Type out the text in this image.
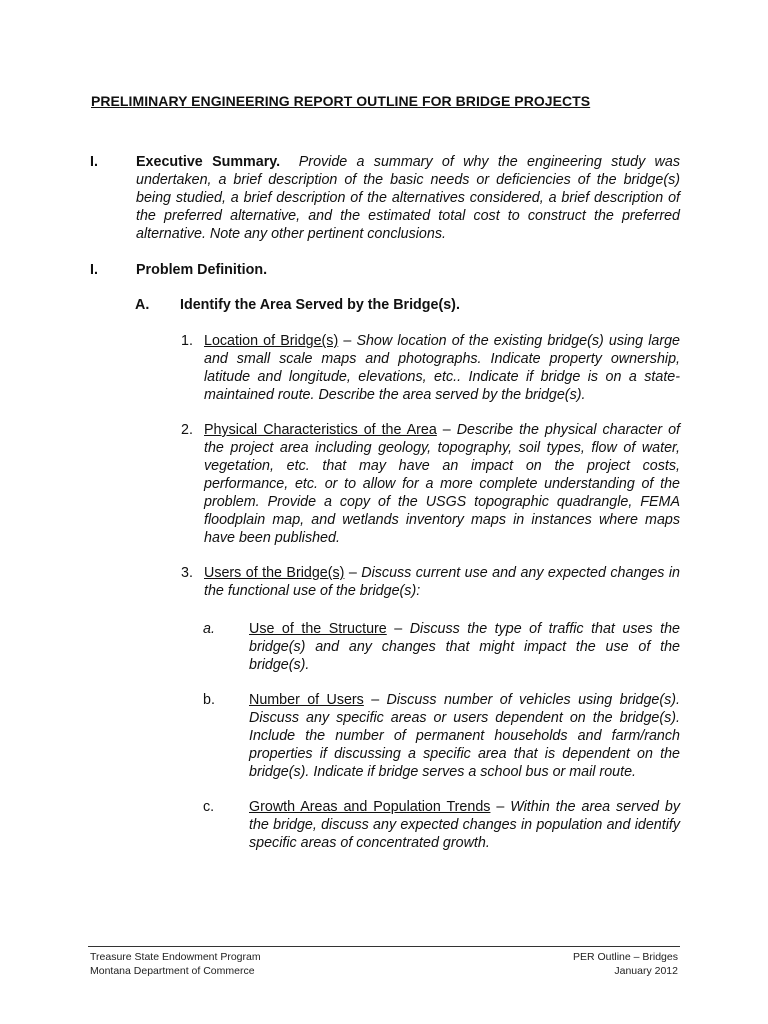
PRELIMINARY ENGINEERING REPORT OUTLINE FOR BRIDGE PROJECTS
I.	Executive Summary. Provide a summary of why the engineering study was undertaken, a brief description of the basic needs or deficiencies of the bridge(s) being studied, a brief description of the alternatives considered, a brief description of the preferred alternative, and the estimated total cost to construct the preferred alternative. Note any other pertinent conclusions.
I.	Problem Definition.
A. Identify the Area Served by the Bridge(s).
1. Location of Bridge(s) – Show location of the existing bridge(s) using large and small scale maps and photographs. Indicate property ownership, latitude and longitude, elevations, etc.. Indicate if bridge is on a state-maintained route. Describe the area served by the bridge(s).
2. Physical Characteristics of the Area – Describe the physical character of the project area including geology, topography, soil types, flow of water, vegetation, etc. that may have an impact on the project costs, performance, etc. or to allow for a more complete understanding of the problem. Provide a copy of the USGS topographic quadrangle, FEMA floodplain map, and wetlands inventory maps in instances where maps have been published.
3. Users of the Bridge(s) – Discuss current use and any expected changes in the functional use of the bridge(s):
a. Use of the Structure – Discuss the type of traffic that uses the bridge(s) and any changes that might impact the use of the bridge(s).
b. Number of Users – Discuss number of vehicles using bridge(s). Discuss any specific areas or users dependent on the bridge(s). Include the number of permanent households and farm/ranch properties if discussing a specific area that is dependent on the bridge(s). Indicate if bridge serves a school bus or mail route.
c. Growth Areas and Population Trends – Within the area served by the bridge, discuss any expected changes in population and identify specific areas of concentrated growth.
Treasure State Endowment Program
Montana Department of Commerce
PER Outline – Bridges
January 2012
